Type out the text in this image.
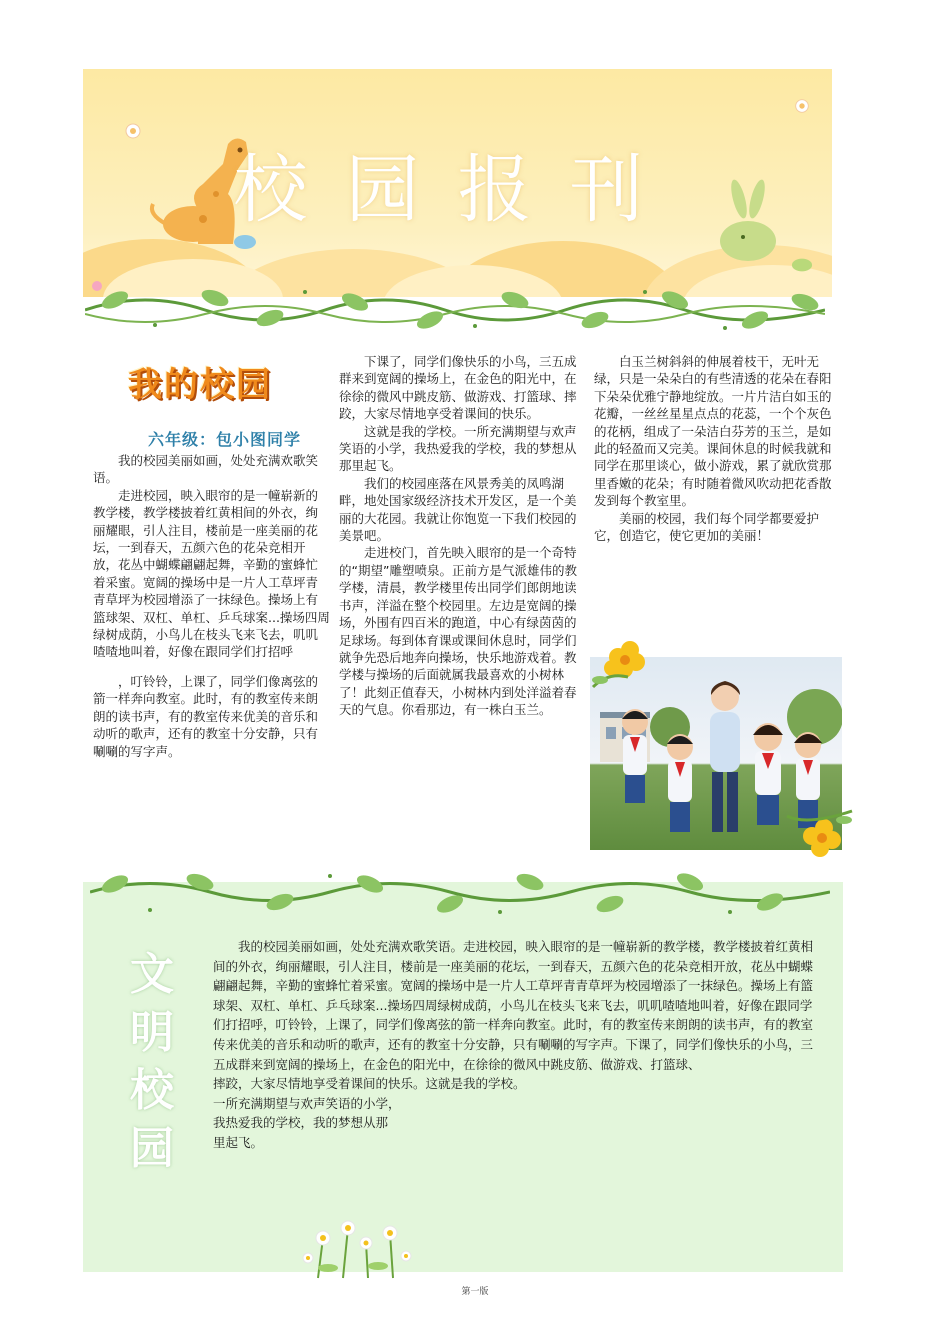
校园报刊
我的校园
六年级：包小图同学

我的校园美丽如画，处处充满欢歌笑语。

走进校园，映入眼帘的是一幢崭新的教学楼，教学楼披着红黄相间的外衣，绚丽耀眼，引人注目，楼前是一座美丽的花坛，一到春天，五颜六色的花朵竞相开放，花丛中蝴蝶翩翩起舞，辛勤的蜜蜂忙着采蜜。宽阔的操场中是一片人工草坪青青草坪为校园增添了一抹绿色。操场上有篮球架、双杠、单杠、乒乓球案...操场四周绿树成荫，小鸟儿在枝头飞来飞去，叽叽喳喳地叫着，好像在跟同学们打招呼

，叮铃铃，上课了，同学们像离弦的箭一样奔向教室。此时，有的教室传来朗朗的读书声，有的教室传来优美的音乐和动听的歌声，还有的教室十分安静，只有唰唰的写字声。

下课了，同学们像快乐的小鸟，三五成群来到宽阔的操场上，在金色的阳光中，在徐徐的微风中跳皮筋、做游戏、打篮球、摔跤，大家尽情地享受着课间的快乐。

这就是我的学校。一所充满期望与欢声笑语的小学，我热爱我的学校，我的梦想从那里起飞。

我们的校园座落在风景秀美的凤鸣湖畔，地处国家级经济技术开发区，是一个美丽的大花园。我就让你饱览一下我们校园的美景吧。

走进校门，首先映入眼帘的是一个奇特的“期望”雕塑喷泉。正前方是气派雄伟的教学楼，清晨，教学楼里传出同学们郎朗地读书声，洋溢在整个校园里。左边是宽阔的操场，外围有四百米的跑道，中心有绿茵茵的足球场。每到体育课或课间休息时，同学们就争先恐后地奔向操场，快乐地游戏着。教学楼与操场的后面就属我最喜欢的小树林了！此刻正值春天，小树林内到处洋溢着春天的气息。你看那边，有一株白玉兰。

白玉兰树斜斜的伸展着枝干，无叶无绿，只是一朵朵白的有些清透的花朵在春阳下朵朵优雅宁静地绽放。一片片洁白如玉的花瓣，一丝丝星星点点的花蕊，一个个灰色的花柄，组成了一朵洁白芬芳的玉兰，是如此的轻盈而又完美。课间休息的时候我就和同学在那里谈心，做小游戏，累了就欣赏那里香嫩的花朵；有时随着微风吹动把花香散发到每个教室里。

美丽的校园，我们每个同学都要爱护它，创造它，使它更加的美丽！

文明校园

我的校园美丽如画，处处充满欢歌笑语。走进校园，映入眼帘的是一幢崭新的教学楼，教学楼披着红黄相间的外衣，绚丽耀眼，引人注目，楼前是一座美丽的花坛，一到春天，五颜六色的花朵竞相开放，花丛中蝴蝶翩翩起舞，辛勤的蜜蜂忙着采蜜。宽阔的操场中是一片人工草坪青青草坪为校园增添了一抹绿色。操场上有篮球架、双杠、单杠、乒乓球案...操场四周绿树成荫，小鸟儿在枝头飞来飞去，叽叽喳喳地叫着，好像在跟同学们打招呼，叮铃铃，上课了，同学们像离弦的箭一样奔向教室。此时，有的教室传来朗朗的读书声，有的教室传来优美的音乐和动听的歌声，还有的教室十分安静，只有唰唰的写字声。下课了，同学们像快乐的小鸟，三五成群来到宽阔的操场上，在金色的阳光中，在徐徐的微风中跳皮筋、做游戏、打篮球、

摔跤，大家尽情地享受着课间的快乐。这就是我的学校。

一所充满期望与欢声笑语的小学，

我热爱我的学校，我的梦想从那

里起飞。

第一版
